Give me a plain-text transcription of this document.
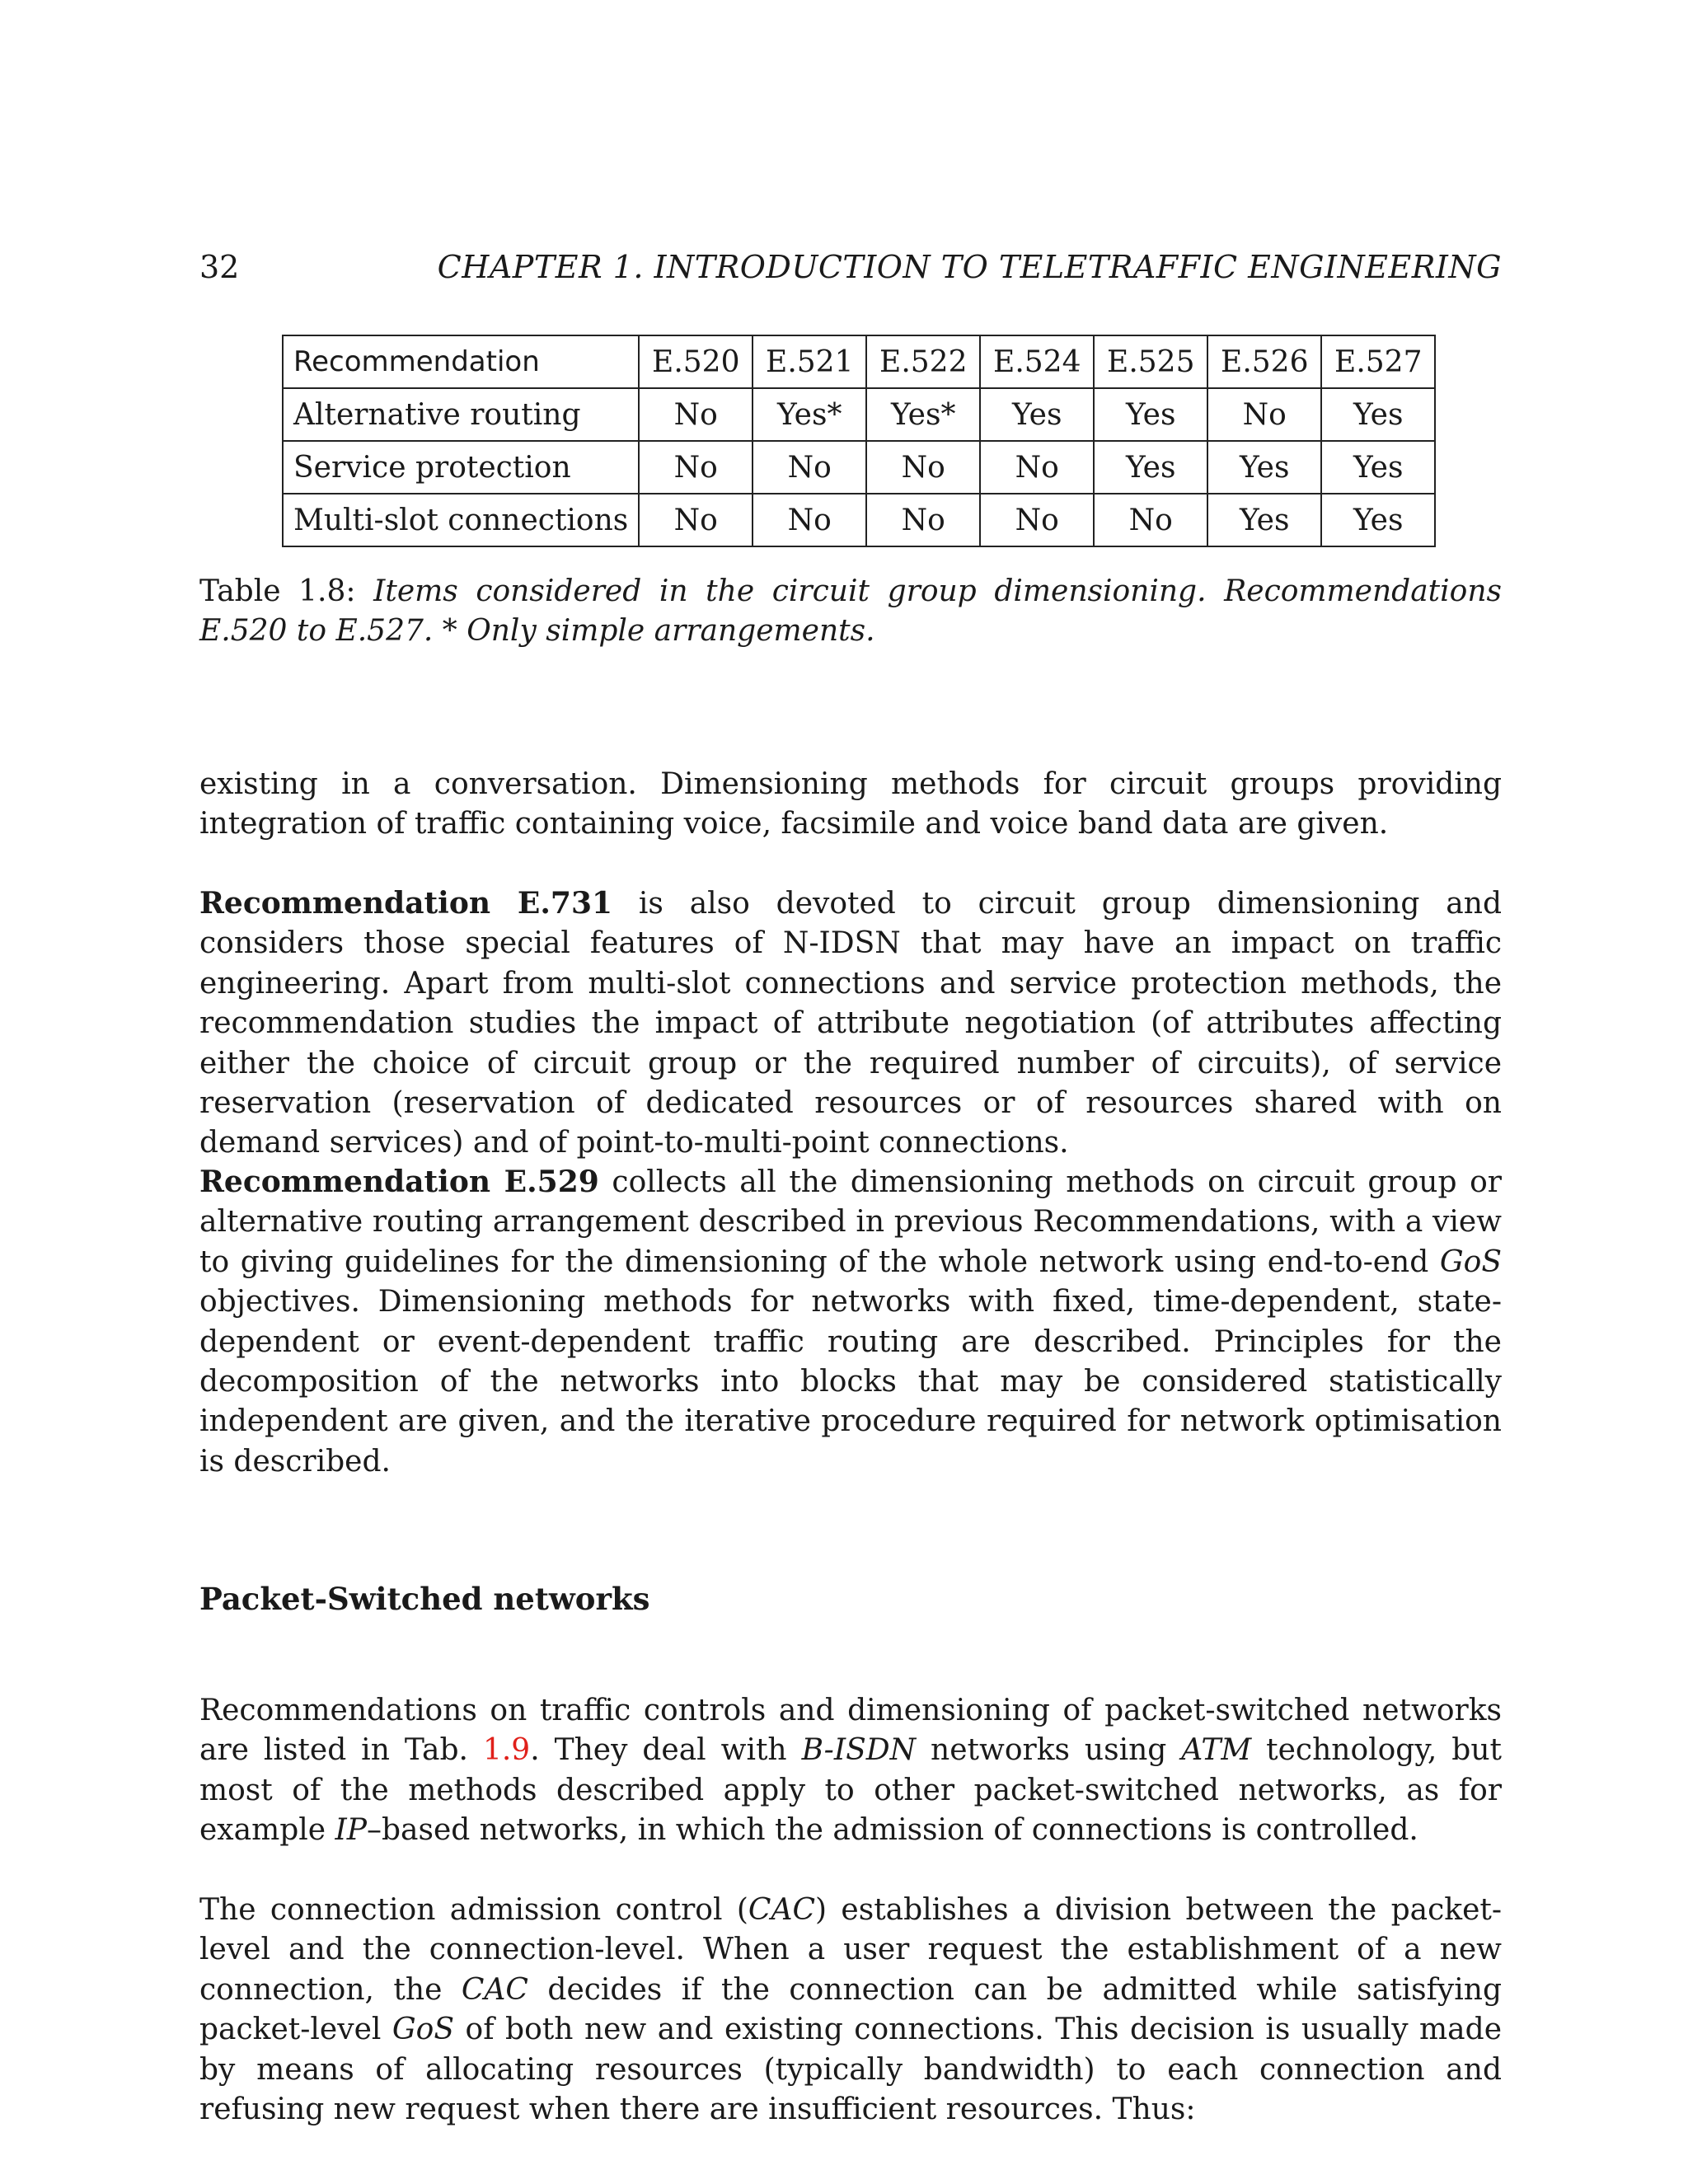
32	CHAPTER 1. INTRODUCTION TO TELETRAFFIC ENGINEERING
Recommendation	E.520	E.521	E.522	E.524	E.525	E.526	E.527
Alternative routing	No	Yes*	Yes*	Yes	Yes	No	Yes
Service protection	No	No	No	No	Yes	Yes	Yes
Multi-slot connections	No	No	No	No	No	Yes	Yes
Table 1.8: Items considered in the circuit group dimensioning. Recommendations E.520 to E.527. * Only simple arrangements.

existing in a conversation. Dimensioning methods for circuit groups providing integration of traffic containing voice, facsimile and voice band data are given.

Recommendation E.731 is also devoted to circuit group dimensioning and considers those special features of N-IDSN that may have an impact on traffic engineering. Apart from multi-slot connections and service protection methods, the recommendation studies the impact of attribute negotiation (of attributes affecting either the choice of circuit group or the required number of circuits), of service reservation (reservation of dedicated resources or of resources shared with on demand services) and of point-to-multi-point connections.

Recommendation E.529 collects all the dimensioning methods on circuit group or alternative routing arrangement described in previous Recommendations, with a view to giving guidelines for the dimensioning of the whole network using end-to-end GoS objectives. Dimensioning methods for networks with fixed, time-dependent, state-dependent or event-dependent traffic routing are described. Principles for the decomposition of the networks into blocks that may be considered statistically independent are given, and the iterative procedure required for network optimisation is described.

Packet-Switched networks

Recommendations on traffic controls and dimensioning of packet-switched networks are listed in Tab. 1.9. They deal with B-ISDN networks using ATM technology, but most of the methods described apply to other packet-switched networks, as for example IP–based networks, in which the admission of connections is controlled.

The connection admission control (CAC) establishes a division between the packet-level and the connection-level. When a user request the establishment of a new connection, the CAC decides if the connection can be admitted while satisfying packet-level GoS of both new and existing connections. This decision is usually made by means of allocating resources (typically bandwidth) to each connection and refusing new request when there are insufficient resources. Thus:
